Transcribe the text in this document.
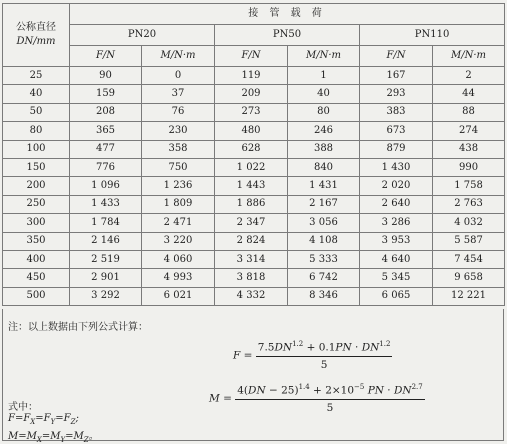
公称直径
DN/mm	接 管 载 荷					
	PN20		PN50		PN110	
	F/N	M/N·m	F/N	M/N·m	F/N	M/N·m
25	90	0	119	1	167	2
40	159	37	209	40	293	44
50	208	76	273	80	383	88
80	365	230	480	246	673	274
100	477	358	628	388	879	438
150	776	750	1 022	840	1 430	990
200	1 096	1 236	1 443	1 431	2 020	1 758
250	1 433	1 809	1 886	2 167	2 640	2 763
300	1 784	2 471	2 347	3 056	3 286	4 032
350	2 146	3 220	2 824	4 108	3 953	5 587
400	2 519	4 060	3 314	5 333	4 640	7 454
450	2 901	4 993	3 818	6 742	5 345	9 658
500	3 292	6 021	4 332	8 346	6 065	12 221
注：以上数据由下列公式计算：
$F = \frac{7.5DN^{1.2} + 0.1PN \cdot DN^{1.2}}{5}$
$M = \frac{4(DN - 25)^{1.4} + 2\times 10^{-5} PN \cdot DN^{2.7}}{5}$
式中：
$F=F_X=F_Y=F_Z$;
$M=M_X=M_Y=M_Z$。
